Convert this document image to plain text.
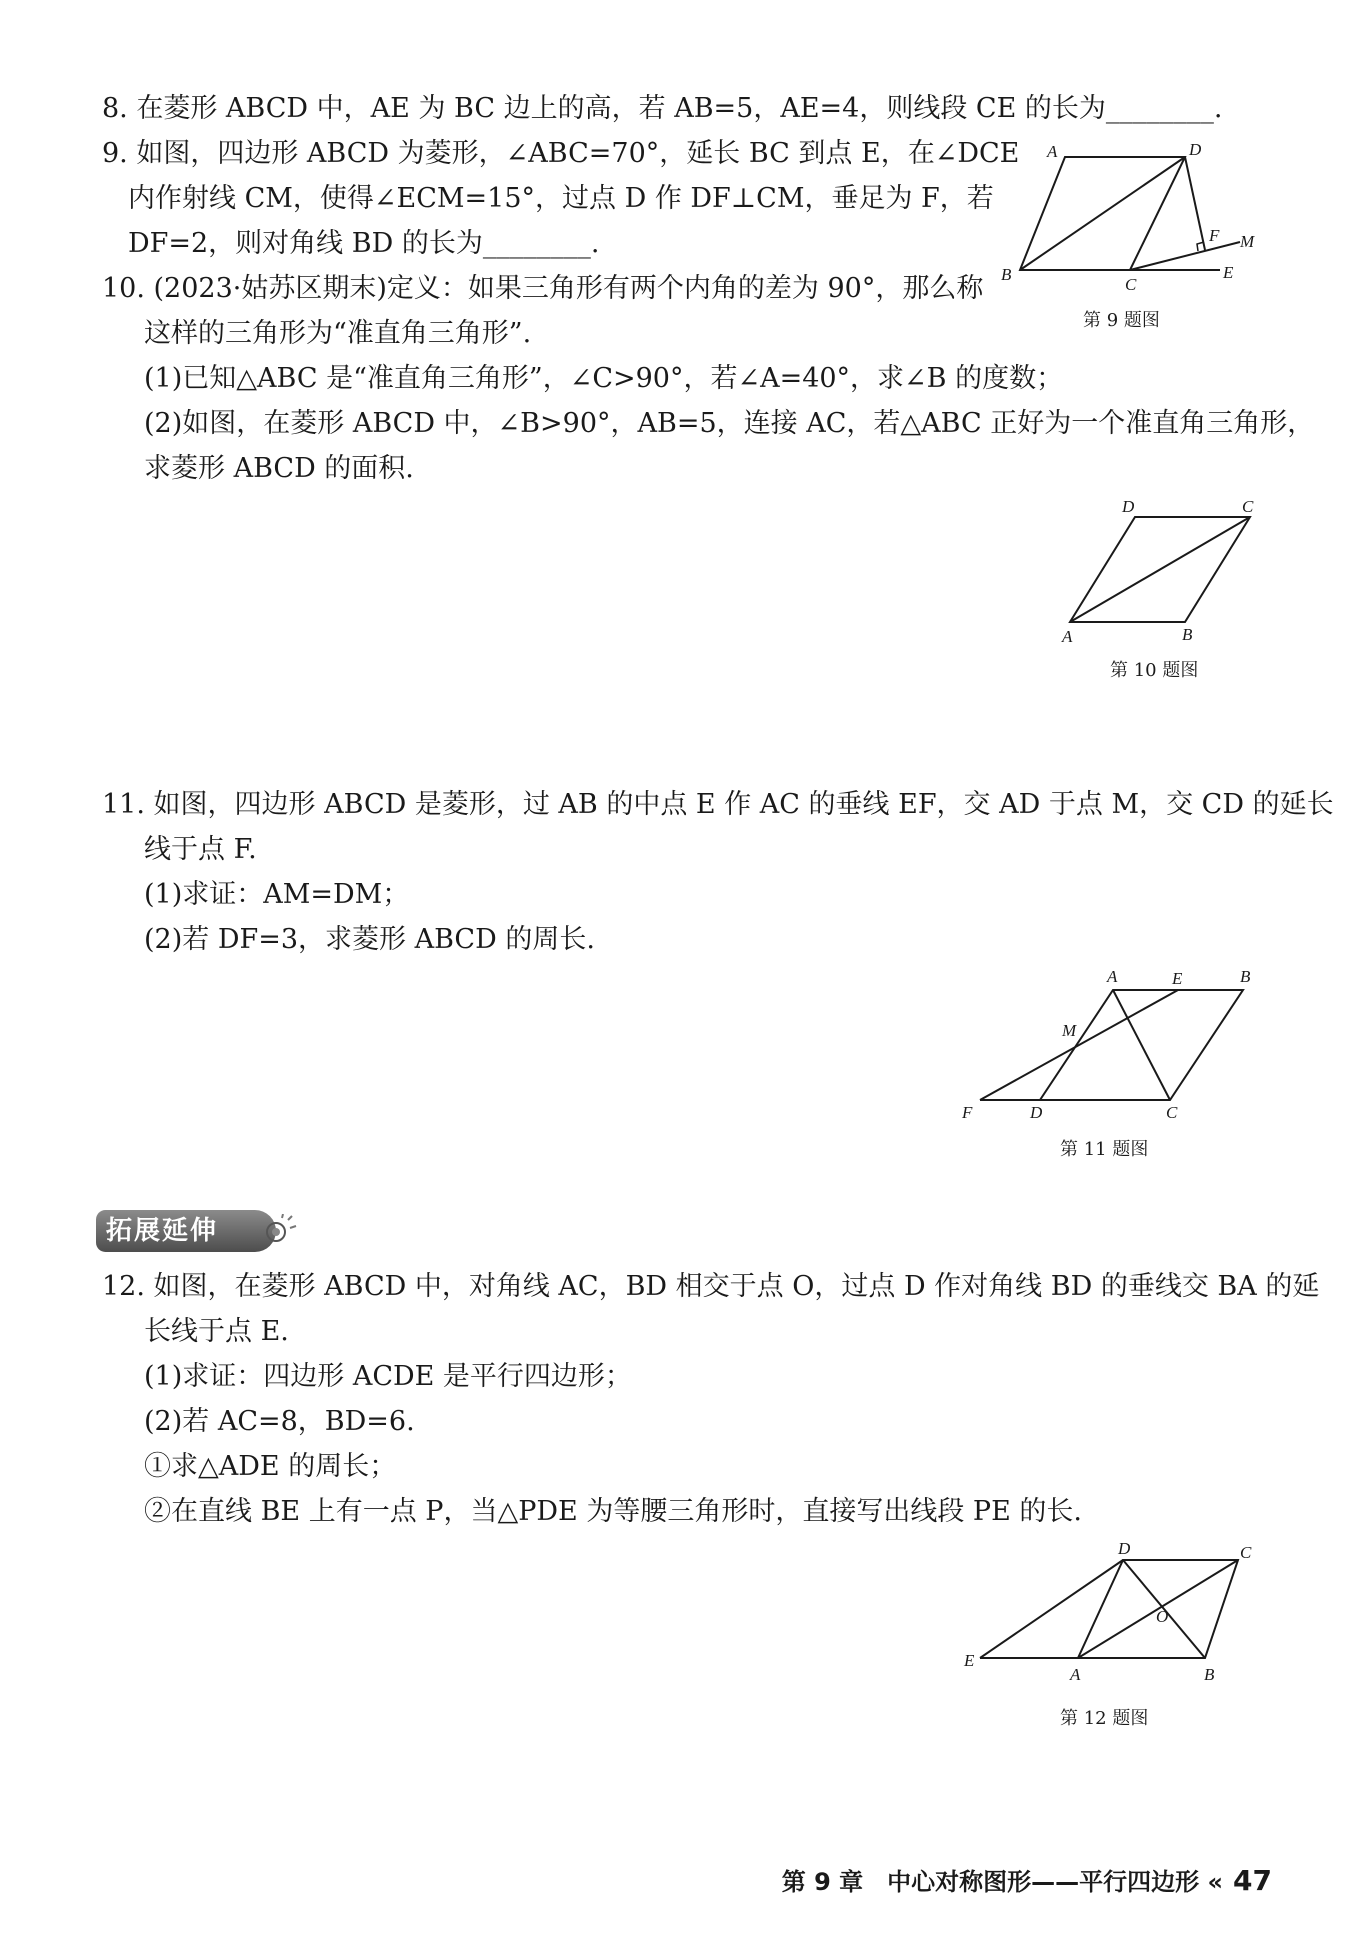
8. 在菱形 ABCD 中，AE 为 BC 边上的高，若 AB=5，AE=4，则线段 CE 的长为________.
9. 如图，四边形 ABCD 为菱形，∠ABC=70°，延长 BC 到点 E，在∠DCE
内作射线 CM，使得∠ECM=15°，过点 D 作 DF⊥CM，垂足为 F，若
DF=2，则对角线 BD 的长为________.
A	D
B
C
E
F M
第 9 题图
10. (2023·姑苏区期末)定义：如果三角形有两个内角的差为 90°，那么称
这样的三角形为“准直角三角形”.
(1)已知△ABC 是“准直角三角形”，∠C>90°，若∠A=40°，求∠B 的度数；
(2)如图，在菱形 ABCD 中，∠B>90°，AB=5，连接 AC，若△ABC 正好为一个准直角三角形，
求菱形 ABCD 的面积.
A	B
C
D
第 10 题图
11. 如图，四边形 ABCD 是菱形，过 AB 的中点 E 作 AC 的垂线 EF，交 AD 于点 M，交 CD 的延长
线于点 F.
(1)求证：AM=DM；
(2)若 DF=3，求菱形 ABCD 的周长.
A	E	B
M
F	D	C
第 11 题图
拓展延伸
12. 如图，在菱形 ABCD 中，对角线 AC，BD 相交于点 O，过点 D 作对角线 BD 的垂线交 BA 的延
长线于点 E.
(1)求证：四边形 ACDE 是平行四边形；
(2)若 AC=8，BD=6.
①求△ADE 的周长；
②在直线 BE 上有一点 P，当△PDE 为等腰三角形时，直接写出线段 PE 的长.
D	C
O
E
A	B
第 12 题图
第 9 章　中心对称图形——平行四边形 « 47
